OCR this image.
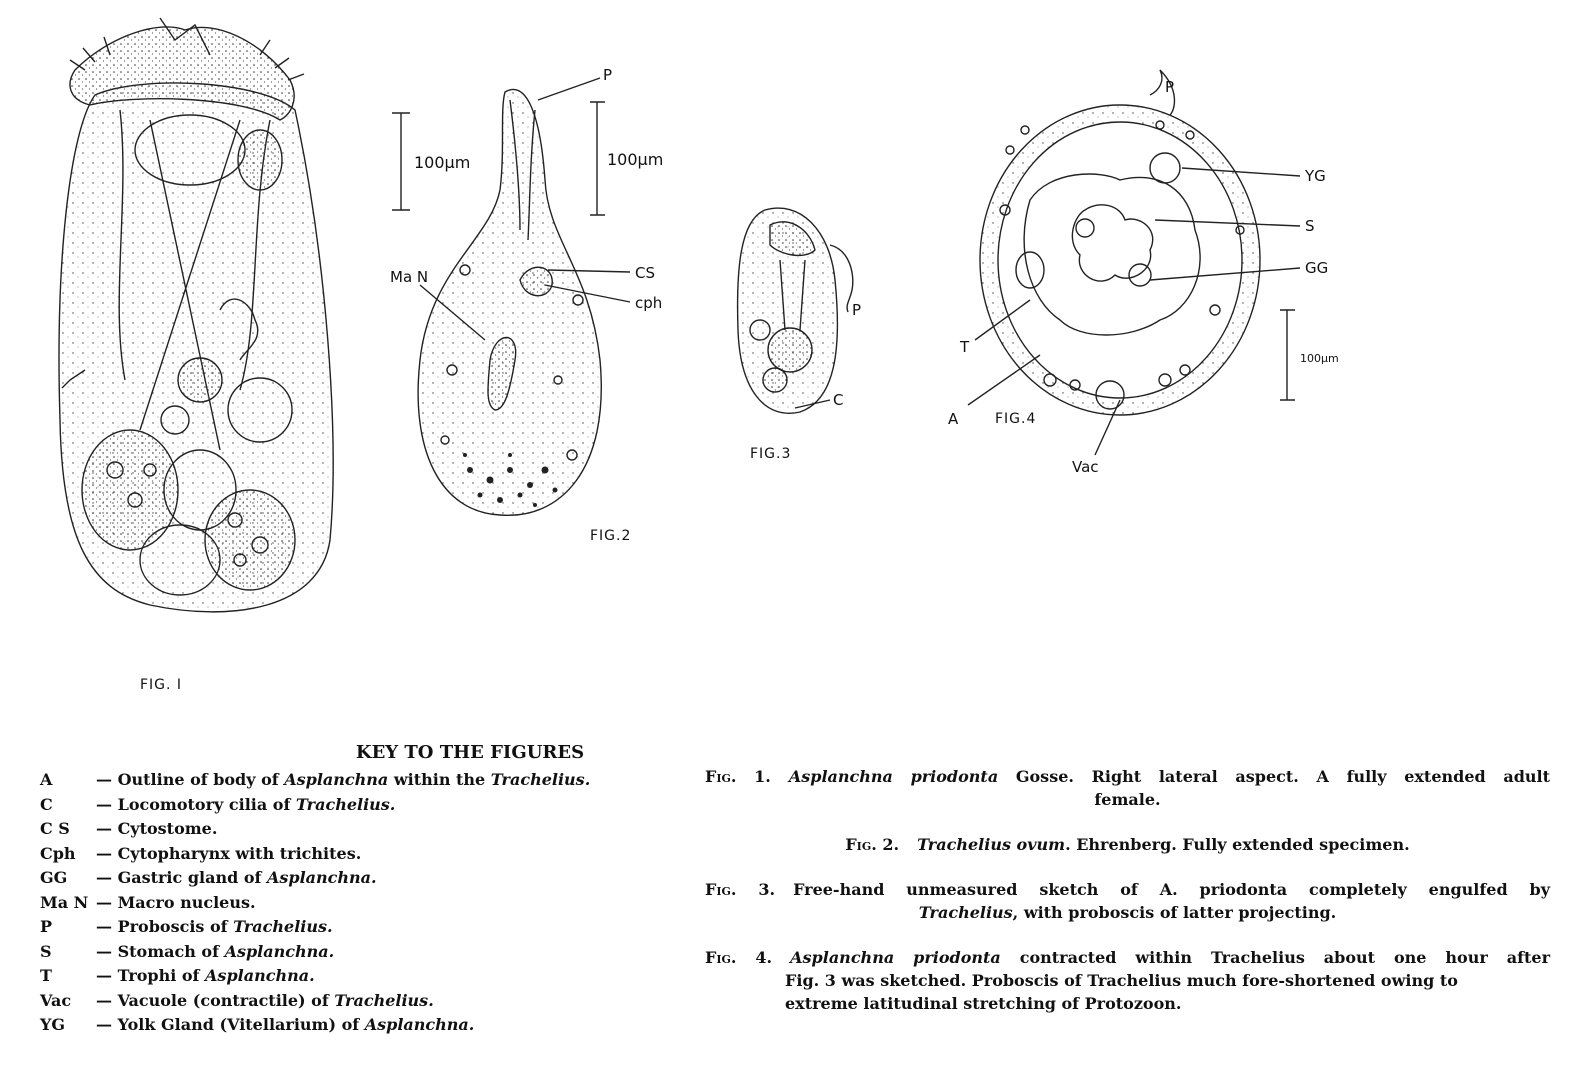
100µm	100µm
P
CS
cph
Ma N
P
C
P
YG
S
GG
T
A
Vac
100µm
FIG. I
FIG.2
FIG.3
FIG.4
KEY TO THE FIGURES
A	— Outline of body of Asplanchna within the Trachelius.
C	— Locomotory cilia of Trachelius.
C S	— Cytostome.
Cph	— Cytopharynx with trichites.
GG	— Gastric gland of Asplanchna.
Ma N — Macro nucleus.
P	— Proboscis of Trachelius.
S	— Stomach of Asplanchna.
T	— Trophi of Asplanchna.
Vac	— Vacuole (contractile) of Trachelius.
YG	— Yolk Gland (Vitellarium) of Asplanchna.
Fig. 1. Asplanchna priodonta Gosse. Right lateral aspect. A fully extended adult
female.
Fig. 2. Trachelius ovum. Ehrenberg. Fully extended specimen.
Fig. 3. Free-hand unmeasured sketch of A. priodonta completely engulfed by
Trachelius, with proboscis of latter projecting.
Fig. 4. Asplanchna priodonta contracted within Trachelius about one hour after
Fig. 3 was sketched. Proboscis of Trachelius much fore-shortened owing to
extreme latitudinal stretching of Protozoon.
